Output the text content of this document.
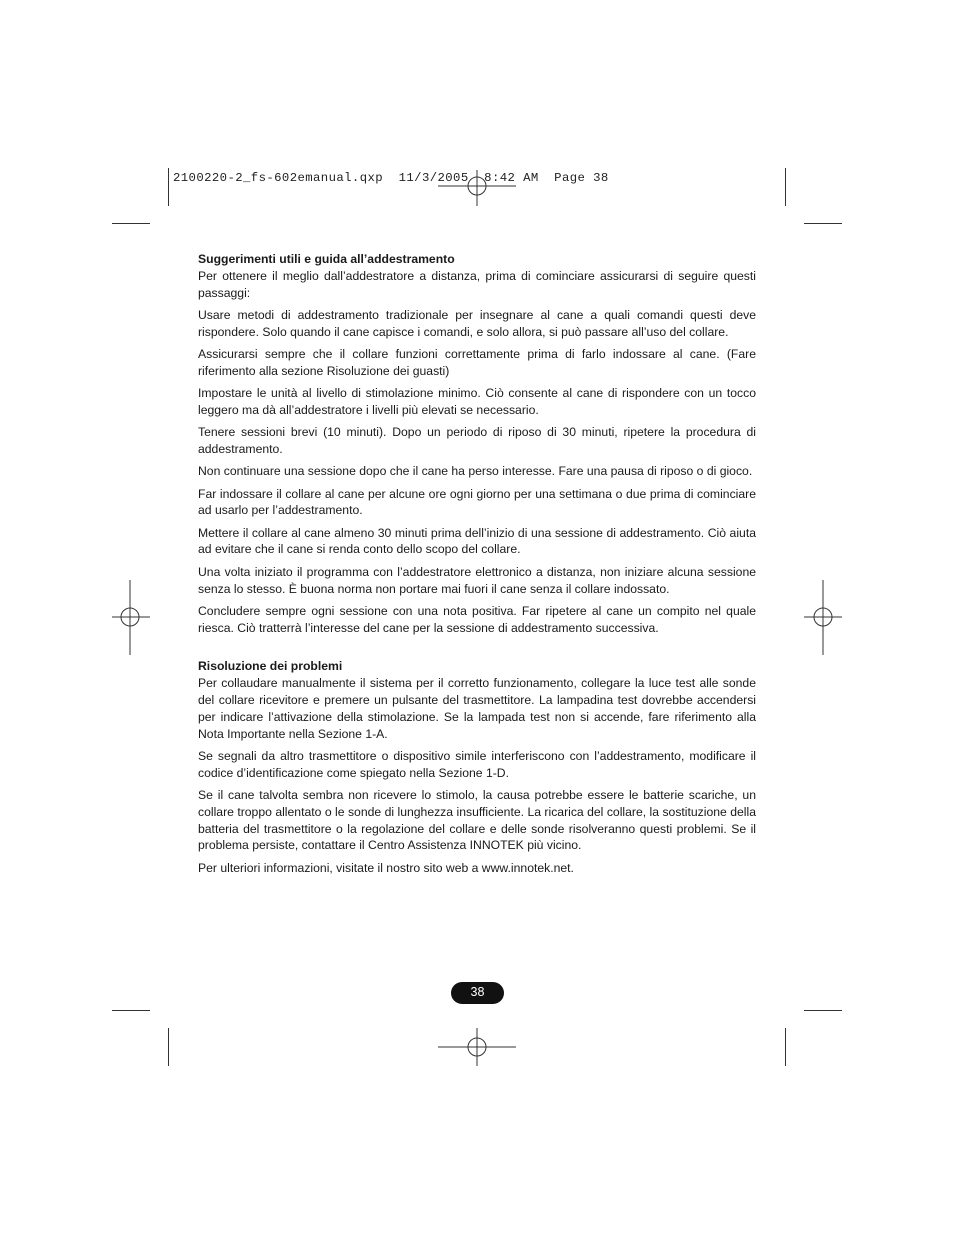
2100220-2_fs-602emanual.qxp  11/3/2005  8:42 AM  Page 38
Suggerimenti utili e guida all’addestramento

Per ottenere il meglio dall’addestratore a distanza, prima di cominciare assicurarsi di seguire questi passaggi:

Usare metodi di addestramento tradizionale per insegnare al cane a quali comandi questi deve rispondere. Solo quando il cane capisce i comandi, e solo allora, si può passare all’uso del collare.

Assicurarsi sempre che il collare funzioni correttamente prima di farlo indossare al cane. (Fare riferimento alla sezione Risoluzione dei guasti)

Impostare le unità al livello di stimolazione minimo. Ciò consente al cane di rispondere con un tocco leggero ma dà all’addestratore i livelli più elevati se necessario.

Tenere sessioni brevi (10 minuti). Dopo un periodo di riposo di 30 minuti, ripetere la procedura di addestramento.

Non continuare una sessione dopo che il cane ha perso interesse. Fare una pausa di riposo o di gioco.

Far indossare il collare al cane per alcune ore ogni giorno per una settimana o due prima di cominciare ad usarlo per l’addestramento.

Mettere il collare al cane almeno 30 minuti prima dell’inizio di una sessione di addestramento. Ciò aiuta ad evitare che il cane si renda conto dello scopo del collare.

Una volta iniziato il programma con l’addestratore elettronico a distanza, non iniziare alcuna sessione senza lo stesso. È buona norma non portare mai fuori il cane senza il collare indossato.

Concludere sempre ogni sessione con una nota positiva. Far ripetere al cane un compito nel quale riesca. Ciò tratterrà l’interesse del cane per la sessione di addestramento successiva.

Risoluzione dei problemi

Per collaudare manualmente il sistema per il corretto funzionamento, collegare la luce test alle sonde del collare ricevitore e premere un pulsante del trasmettitore. La lampadina test dovrebbe accendersi per indicare l’attivazione della stimolazione. Se la lampada test non si accende, fare riferimento alla Nota Importante nella Sezione 1-A.

Se segnali da altro trasmettitore o dispositivo simile interferiscono con l’addestramento, modificare il codice d’identificazione come spiegato nella Sezione 1-D.

Se il cane talvolta sembra non ricevere lo stimolo, la causa potrebbe essere le batterie scariche, un collare troppo allentato o le sonde di lunghezza insufficiente. La ricarica del collare, la sostituzione della batteria del trasmettitore o la regolazione del collare e delle sonde risolveranno questi problemi. Se il problema persiste, contattare il Centro Assistenza INNOTEK più vicino.

Per ulteriori informazioni, visitate il nostro sito web a www.innotek.net.

38
